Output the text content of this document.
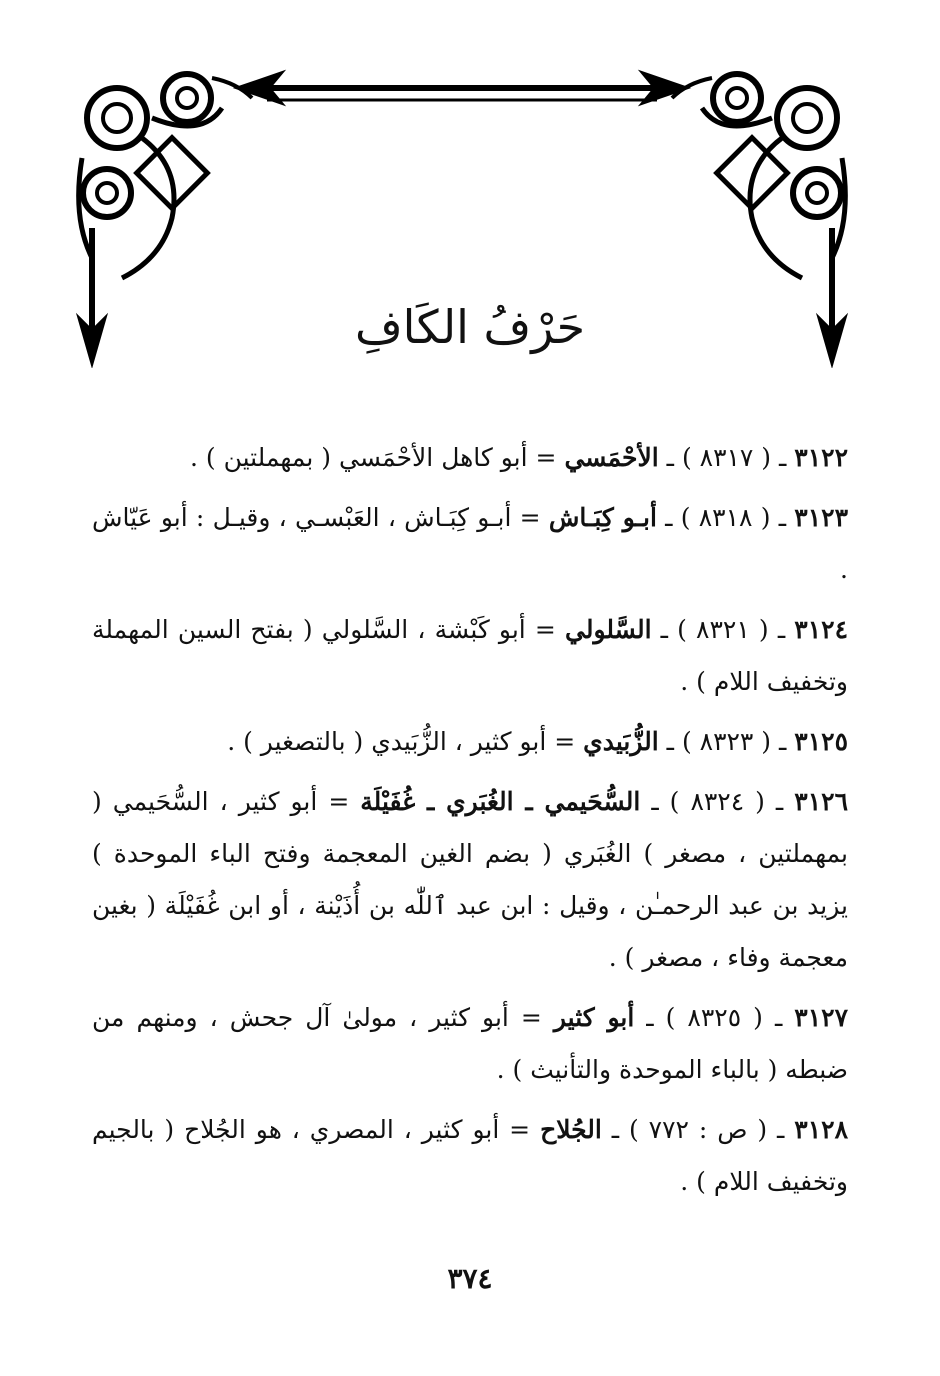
حَرْفُ الكَافِ
٣١٢٢ ـ ( ٨٣١٧ ) ـ الأحْمَسي = أبو كاهل الأحْمَسي ( بمهملتين ) .
٣١٢٣ ـ ( ٨٣١٨ ) ـ أبـو كِبَـاش = أبـو كِبَـاش ، العَبْسـي ، وقيـل : أبو عَيّاش .
٣١٢٤ ـ ( ٨٣٢١ ) ـ السَّلولي = أبو كَبْشة ، السَّلولي ( بفتح السين المهملة وتخفيف اللام ) .
٣١٢٥ ـ ( ٨٣٢٣ ) ـ الزُّبَيدي = أبو كثير ، الزُّبَيدي ( بالتصغير ) .
٣١٢٦ ـ ( ٨٣٢٤ ) ـ السُّحَيمي ـ الغُبَري ـ غُفَيْلَة = أبو كثير ، السُّحَيمي ( بمهملتين ، مصغر ) الغُبَري ( بضم الغين المعجمة وفتح الباء الموحدة ) يزيد بن عبد الرحمـٰن ، وقيل : ابن عبد ٱللّٰه بن أُذَيْنة ، أو ابن غُفَيْلَة ( بغين معجمة وفاء ، مصغر ) .
٣١٢٧ ـ ( ٨٣٢٥ ) ـ أبو كثير = أبو كثير ، مولىٰ آل جحش ، ومنهم من ضبطه ( بالباء الموحدة والتأنيث ) .
٣١٢٨ ـ ( ص : ٧٧٢ ) ـ الجُلاح = أبو كثير ، المصري ، هو الجُلاح ( بالجيم وتخفيف اللام ) .
٣٧٤
